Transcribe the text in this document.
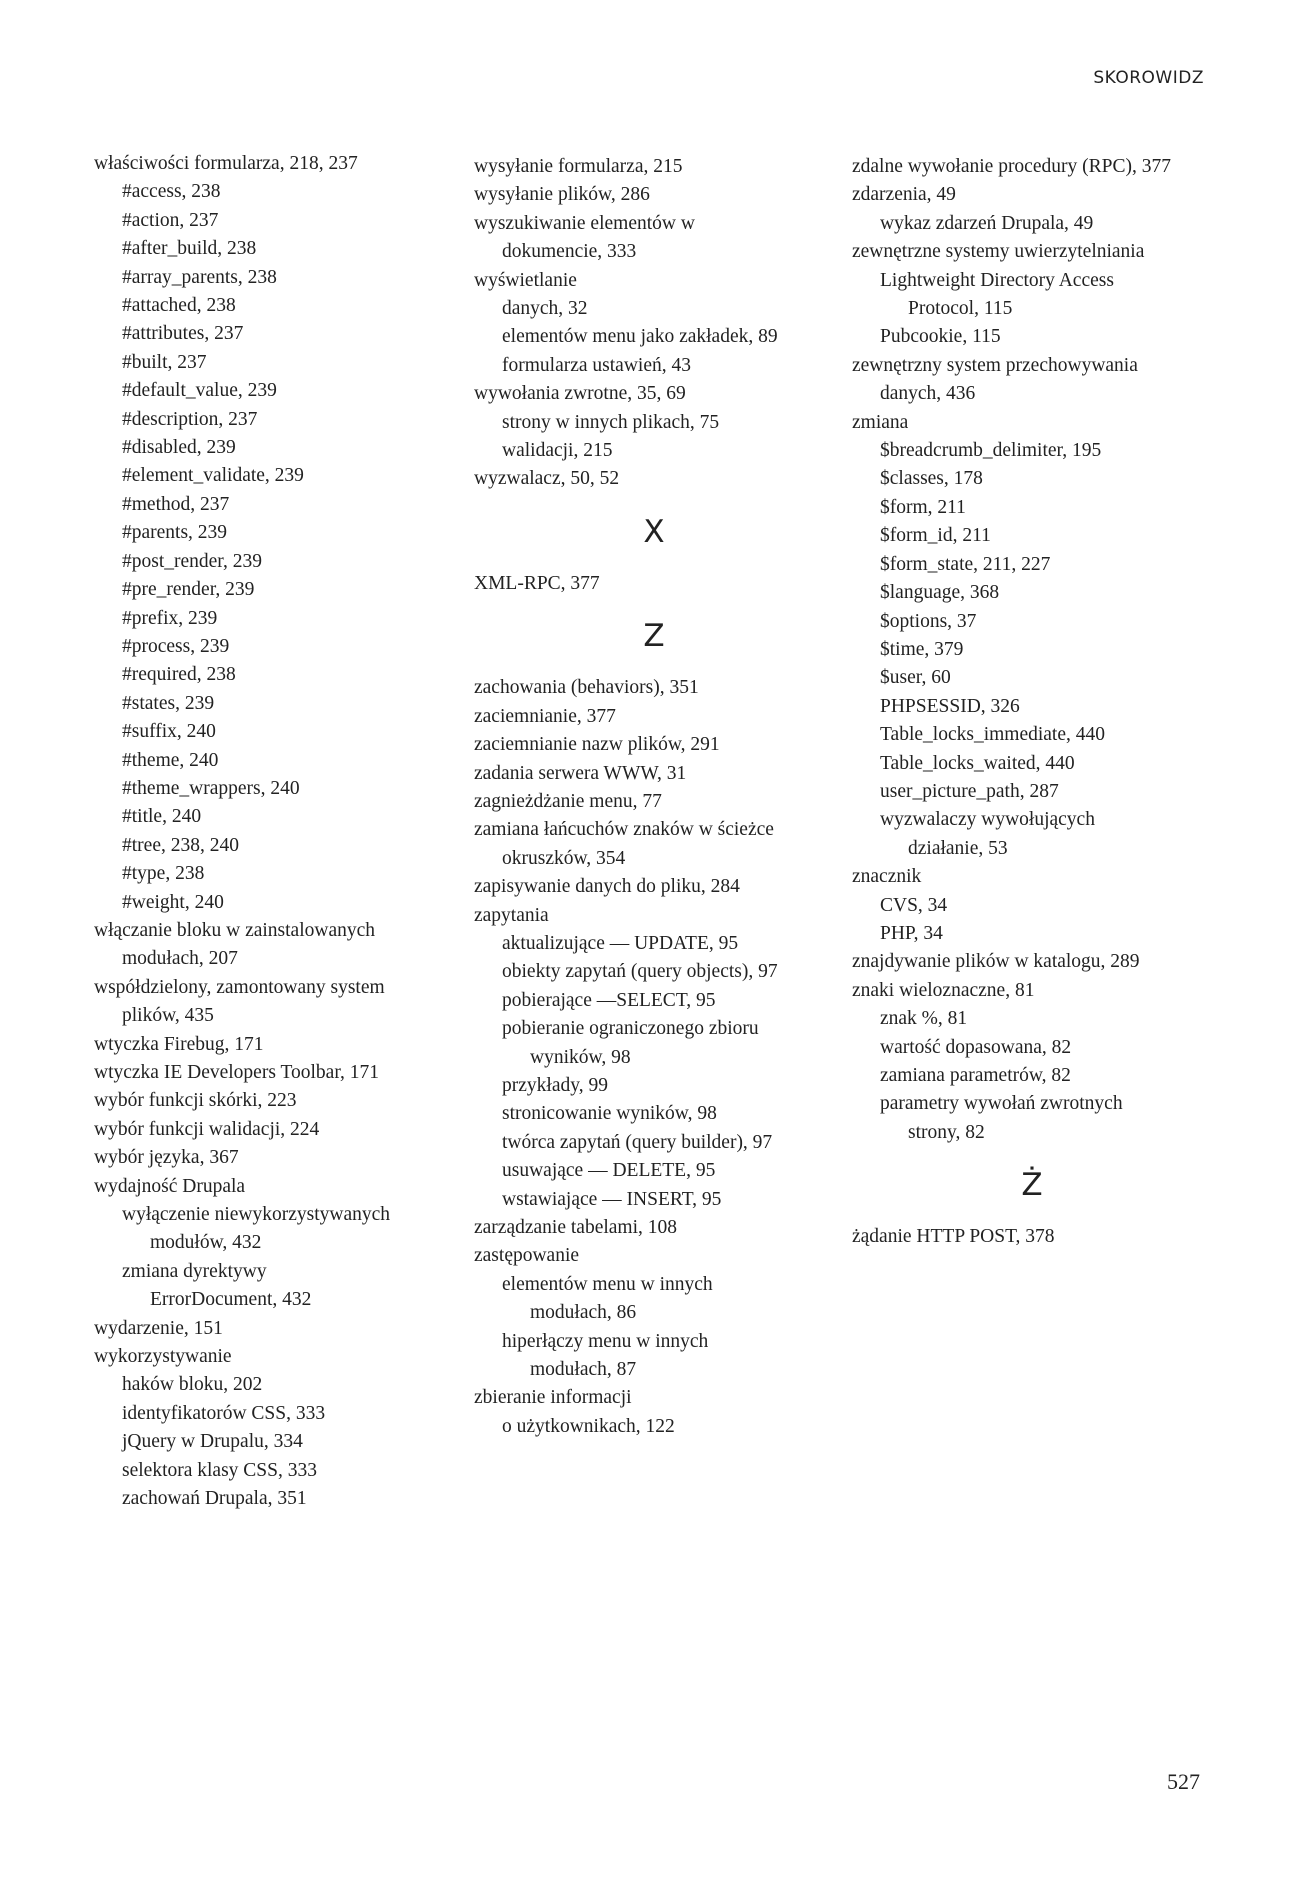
SKOROWIDZ
właściwości formularza, 218, 237
#access, 238
#action, 237
#after_build, 238
#array_parents, 238
#attached, 238
#attributes, 237
#built, 237
#default_value, 239
#description, 237
#disabled, 239
#element_validate, 239
#method, 237
#parents, 239
#post_render, 239
#pre_render, 239
#prefix, 239
#process, 239
#required, 238
#states, 239
#suffix, 240
#theme, 240
#theme_wrappers, 240
#title, 240
#tree, 238, 240
#type, 238
#weight, 240
włączanie bloku w zainstalowanych
modułach, 207
współdzielony, zamontowany system
plików, 435
wtyczka Firebug, 171
wtyczka IE Developers Toolbar, 171
wybór funkcji skórki, 223
wybór funkcji walidacji, 224
wybór języka, 367
wydajność Drupala
wyłączenie niewykorzystywanych
modułów, 432
zmiana dyrektywy
ErrorDocument, 432
wydarzenie, 151
wykorzystywanie
haków bloku, 202
identyfikatorów CSS, 333
jQuery w Drupalu, 334
selektora klasy CSS, 333
zachowań Drupala, 351
wysyłanie formularza, 215
wysyłanie plików, 286
wyszukiwanie elementów w
dokumencie, 333
wyświetlanie
danych, 32
elementów menu jako zakładek, 89
formularza ustawień, 43
wywołania zwrotne, 35, 69
strony w innych plikach, 75
walidacji, 215
wyzwalacz, 50, 52
X
XML-RPC, 377
Z
zachowania (behaviors), 351
zaciemnianie, 377
zaciemnianie nazw plików, 291
zadania serwera WWW, 31
zagnieżdżanie menu, 77
zamiana łańcuchów znaków w ścieżce
okruszków, 354
zapisywanie danych do pliku, 284
zapytania
aktualizujące — UPDATE, 95
obiekty zapytań (query objects), 97
pobierające —SELECT, 95
pobieranie ograniczonego zbioru
wyników, 98
przykłady, 99
stronicowanie wyników, 98
twórca zapytań (query builder), 97
usuwające — DELETE, 95
wstawiające — INSERT, 95
zarządzanie tabelami, 108
zastępowanie
elementów menu w innych
modułach, 86
hiperłączy menu w innych
modułach, 87
zbieranie informacji
o użytkownikach, 122
zdalne wywołanie procedury (RPC), 377
zdarzenia, 49
wykaz zdarzeń Drupala, 49
zewnętrzne systemy uwierzytelniania
Lightweight Directory Access
Protocol, 115
Pubcookie, 115
zewnętrzny system przechowywania
danych, 436
zmiana
$breadcrumb_delimiter, 195
$classes, 178
$form, 211
$form_id, 211
$form_state, 211, 227
$language, 368
$options, 37
$time, 379
$user, 60
PHPSESSID, 326
Table_locks_immediate, 440
Table_locks_waited, 440
user_picture_path, 287
wyzwalaczy wywołujących
działanie, 53
znacznik
CVS, 34
PHP, 34
znajdywanie plików w katalogu, 289
znaki wieloznaczne, 81
znak %, 81
wartość dopasowana, 82
zamiana parametrów, 82
parametry wywołań zwrotnych
strony, 82
Ż
żądanie HTTP POST, 378
527
